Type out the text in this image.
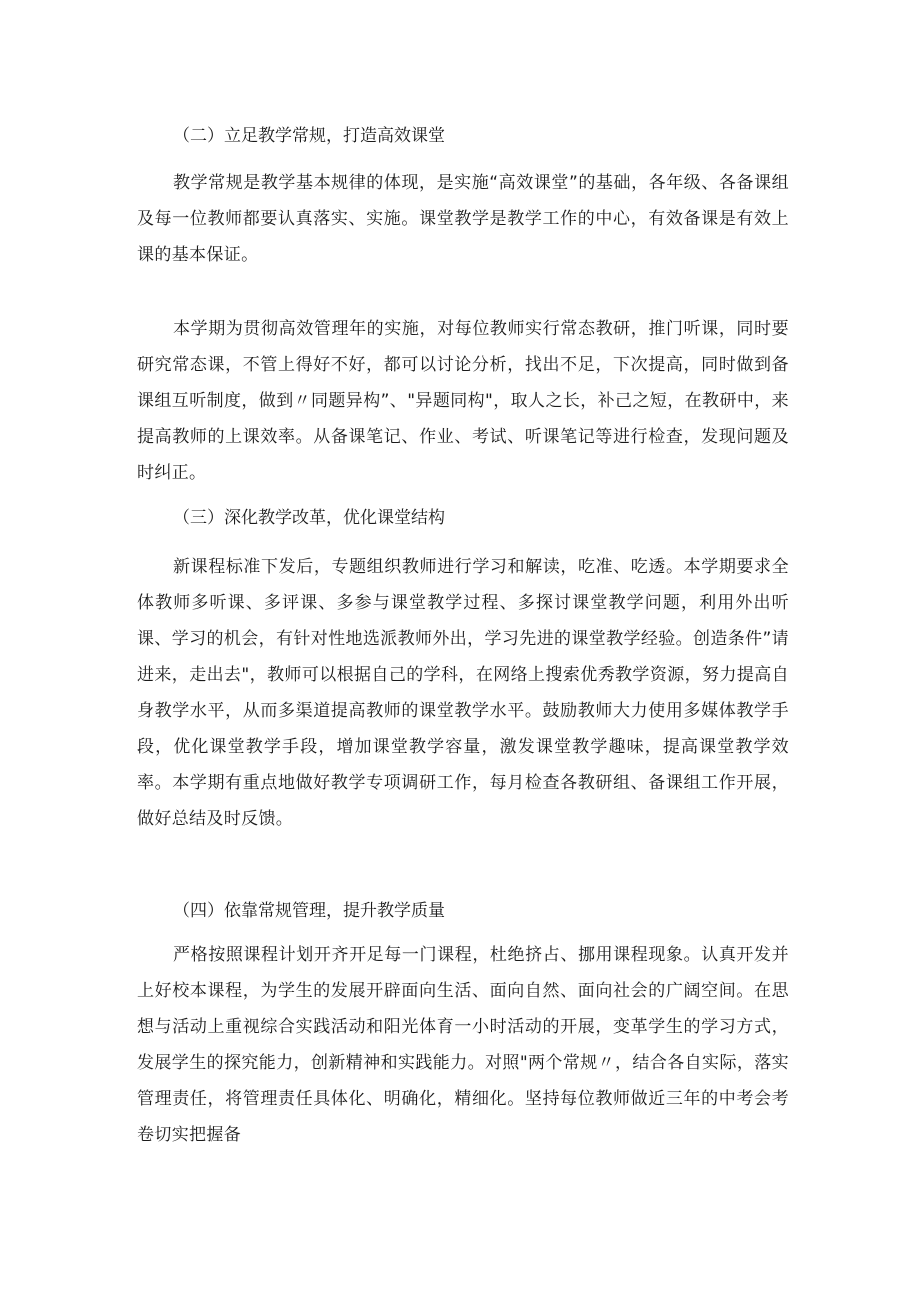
（二）立足教学常规，打造高效课堂

教学常规是教学基本规律的体现，是实施“高效课堂”的基础，各年级、各备课组及每一位教师都要认真落实、实施。课堂教学是教学工作的中心，有效备课是有效上课的基本保证。

本学期为贯彻高效管理年的实施，对每位教师实行常态教研，推门听课，同时要研究常态课，不管上得好不好，都可以讨论分析，找出不足，下次提高，同时做到备课组互听制度，做到〃同题异构”、"异题同构"，取人之长，补己之短，在教研中，来提高教师的上课效率。从备课笔记、作业、考试、听课笔记等进行检查，发现问题及时纠正。

（三）深化教学改革，优化课堂结构

新课程标准下发后，专题组织教师进行学习和解读，吃准、吃透。本学期要求全体教师多听课、多评课、多参与课堂教学过程、多探讨课堂教学问题，利用外出听课、学习的机会，有针对性地选派教师外出，学习先进的课堂教学经验。创造条件”请进来，走出去"，教师可以根据自己的学科，在网络上搜索优秀教学资源，努力提高自身教学水平，从而多渠道提高教师的课堂教学水平。鼓励教师大力使用多媒体教学手段，优化课堂教学手段，增加课堂教学容量，激发课堂教学趣味，提高课堂教学效率。本学期有重点地做好教学专项调研工作，每月检查各教研组、备课组工作开展，做好总结及时反馈。

（四）依靠常规管理，提升教学质量

严格按照课程计划开齐开足每一门课程，杜绝挤占、挪用课程现象。认真开发并上好校本课程，为学生的发展开辟面向生活、面向自然、面向社会的广阔空间。在思想与活动上重视综合实践活动和阳光体育一小时活动的开展，变革学生的学习方式，发展学生的探究能力，创新精神和实践能力。对照"两个常规〃，结合各自实际，落实管理责任，将管理责任具体化、明确化，精细化。坚持每位教师做近三年的中考会考卷切实把握备
